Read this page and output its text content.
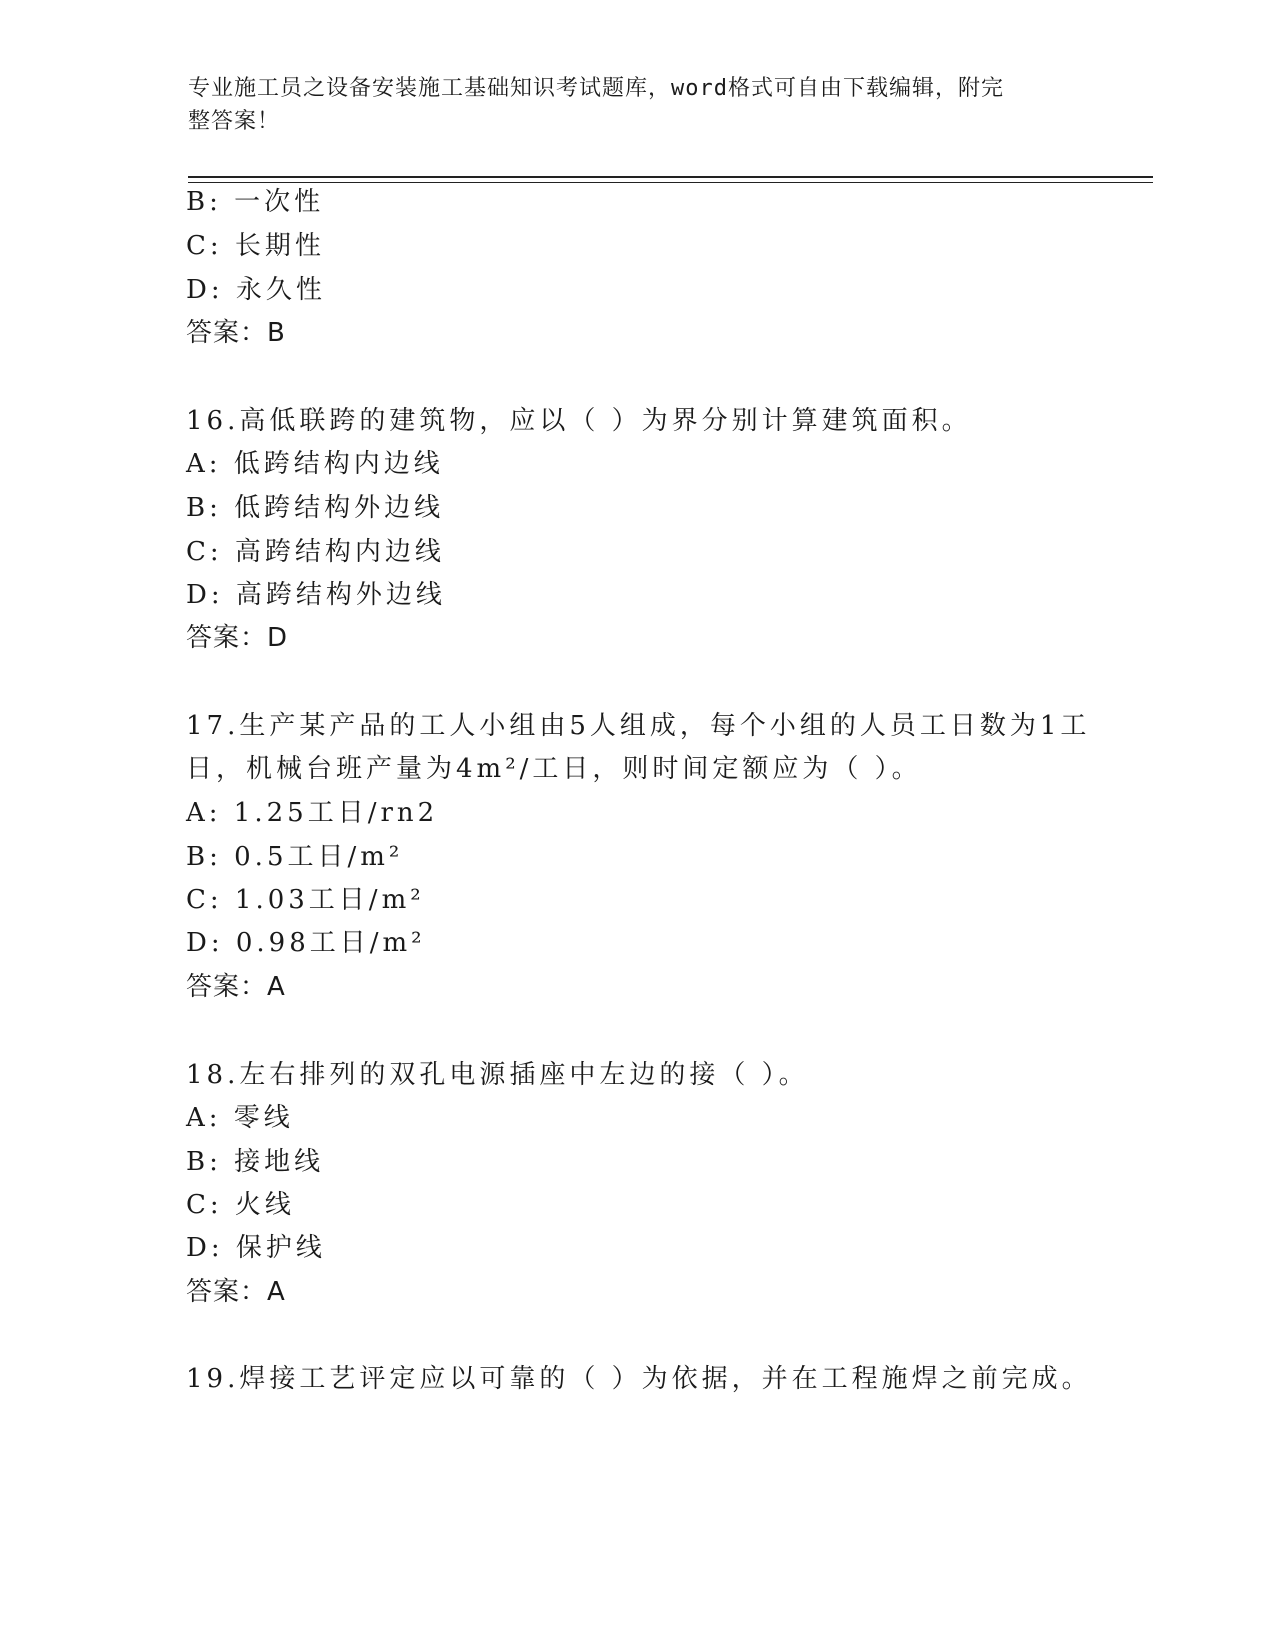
专业施工员之设备安装施工基础知识考试题库，word格式可自由下载编辑，附完
整答案！
B: 一次性
C: 长期性
D: 永久性
答案：B
16.高低联跨的建筑物，应以（ ）为界分别计算建筑面积。
A: 低跨结构内边线
B: 低跨结构外边线
C: 高跨结构内边线
D: 高跨结构外边线
答案：D
17.生产某产品的工人小组由5人组成，每个小组的人员工日数为1工
日，机械台班产量为4m²/工日，则时间定额应为（ ）。
A: 1.25工日/rn2
B: 0.5工日/m²
C: 1.03工日/m²
D: 0.98工日/m²
答案：A
18.左右排列的双孔电源插座中左边的接（ ）。
A: 零线
B: 接地线
C: 火线
D: 保护线
答案：A
19.焊接工艺评定应以可靠的（ ）为依据，并在工程施焊之前完成。
